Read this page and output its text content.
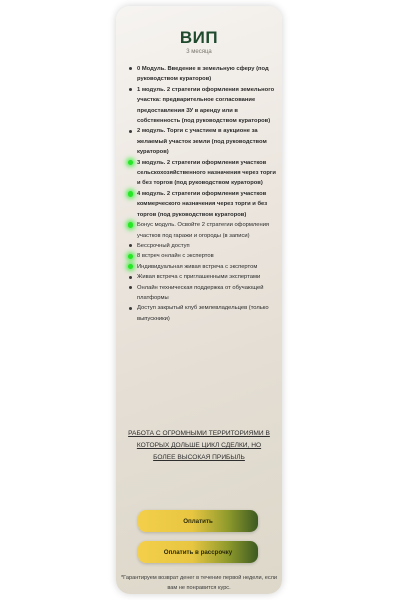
ВИП
3 месяца
0 Модуль. Введение в земельную сферу (под руководством кураторов)
1 модуль. 2 стратегии оформления земельного участка: предварительное согласование предоставления ЗУ в аренду или в собственность (под руководством кураторов)
2 модуль. Торги с участием в аукционе за желаемый участок земли (под руководством кураторов)
3 модуль. 2 стратегии оформления участков сельскохозяйственного назначения через торги и без торгов (под руководством кураторов)
4 модуль. 2 стратегии оформления участков коммерческого назначения через торги и без торгов (под руководством кураторов)
Бонус модуль. Освойте 2 стратегии оформления участков под гаражи и огороды (в записи)
Бессрочный доступ
8 встреч онлайн с экспертов
Индивидуальная живая встреча с экспертом
Живая встреча с приглашенными экспертами
Онлайн техническая поддержка от обучающей платформы
Доступ закрытый клуб землевладельцев (только выпускники)
РАБОТА С ОГРОМНЫМИ ТЕРРИТОРИЯМИ В КОТОРЫХ ДОЛЬШЕ ЦИКЛ СДЕЛКИ, НО БОЛЕЕ ВЫСОКАЯ ПРИБЫЛЬ
Оплатить
Оплатить в рассрочку
*Гарантируем возврат денег в течение первой недели, если вам не понравится курс.
